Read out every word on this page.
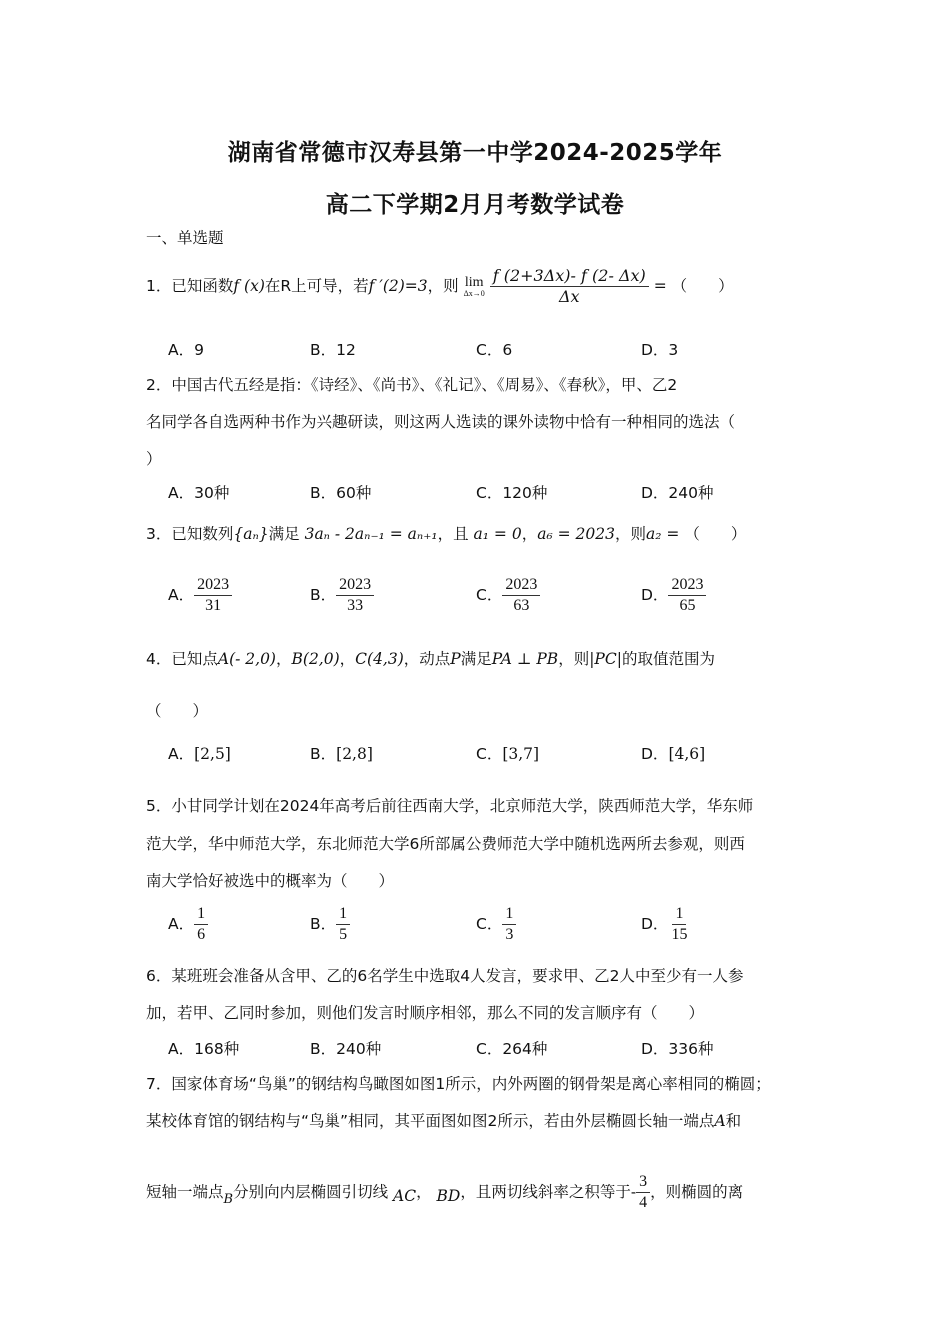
湖南省常德市汉寿县第一中学2024-2025学年
高二下学期2月月考数学试卷
一、单选题
1．已知函数f (x)在R上可导，若f ′(2)=3，则 lim
Δx→0
$\frac{f (2+3\Delta x)- f (2- \Delta x)}{\Delta x}$ = （　　）
A．9	B．12	C．6	D．3
2．中国古代五经是指：《诗经》、《尚书》、《礼记》、《周易》、《春秋》，甲、乙2
名同学各自选两种书作为兴趣研读，则这两人选读的课外读物中恰有一种相同的选法（
）
A．30种	B．60种	C．120种	D．240种
3．已知数列{aₙ}满足 3aₙ - 2aₙ₋₁ = aₙ₊₁，且 a₁ = 0，a₆ = 2023，则a₂ = （　　）
A． $\frac{2023}{31}$	B． $\frac{2023}{33}$	C． $\frac{2023}{63}$	D． $\frac{2023}{65}$
4．已知点A(- 2,0)，B(2,0)，C(4,3)，动点P满足PA ⊥ PB，则|PC|的取值范围为
（　　）
A．[2,5]	B．[2,8]	C．[3,7]	D．[4,6]
5．小甘同学计划在2024年高考后前往西南大学，北京师范大学，陕西师范大学，华东师
范大学，华中师范大学，东北师范大学6所部属公费师范大学中随机选两所去参观，则西
南大学恰好被选中的概率为（　　）
A． $\frac{1}{6}$	B． $\frac{1}{5}$	C． $\frac{1}{3}$	D． $\frac{1}{15}$
6．某班班会准备从含甲、乙的6名学生中选取4人发言，要求甲、乙2人中至少有一人参
加，若甲、乙同时参加，则他们发言时顺序相邻，那么不同的发言顺序有（　　）
A．168种	B．240种	C．264种	D．336种
7．国家体育场“鸟巢”的钢结构鸟瞰图如图1所示，内外两圈的钢骨架是离心率相同的椭圆；
某校体育馆的钢结构与“鸟巢”相同，其平面图如图2所示，若由外层椭圆长轴一端点A和
短轴一端点$_B$分别向内层椭圆引切线 AC， BD，且两切线斜率之积等于- $\frac{3}{4}$ ，则椭圆的离
